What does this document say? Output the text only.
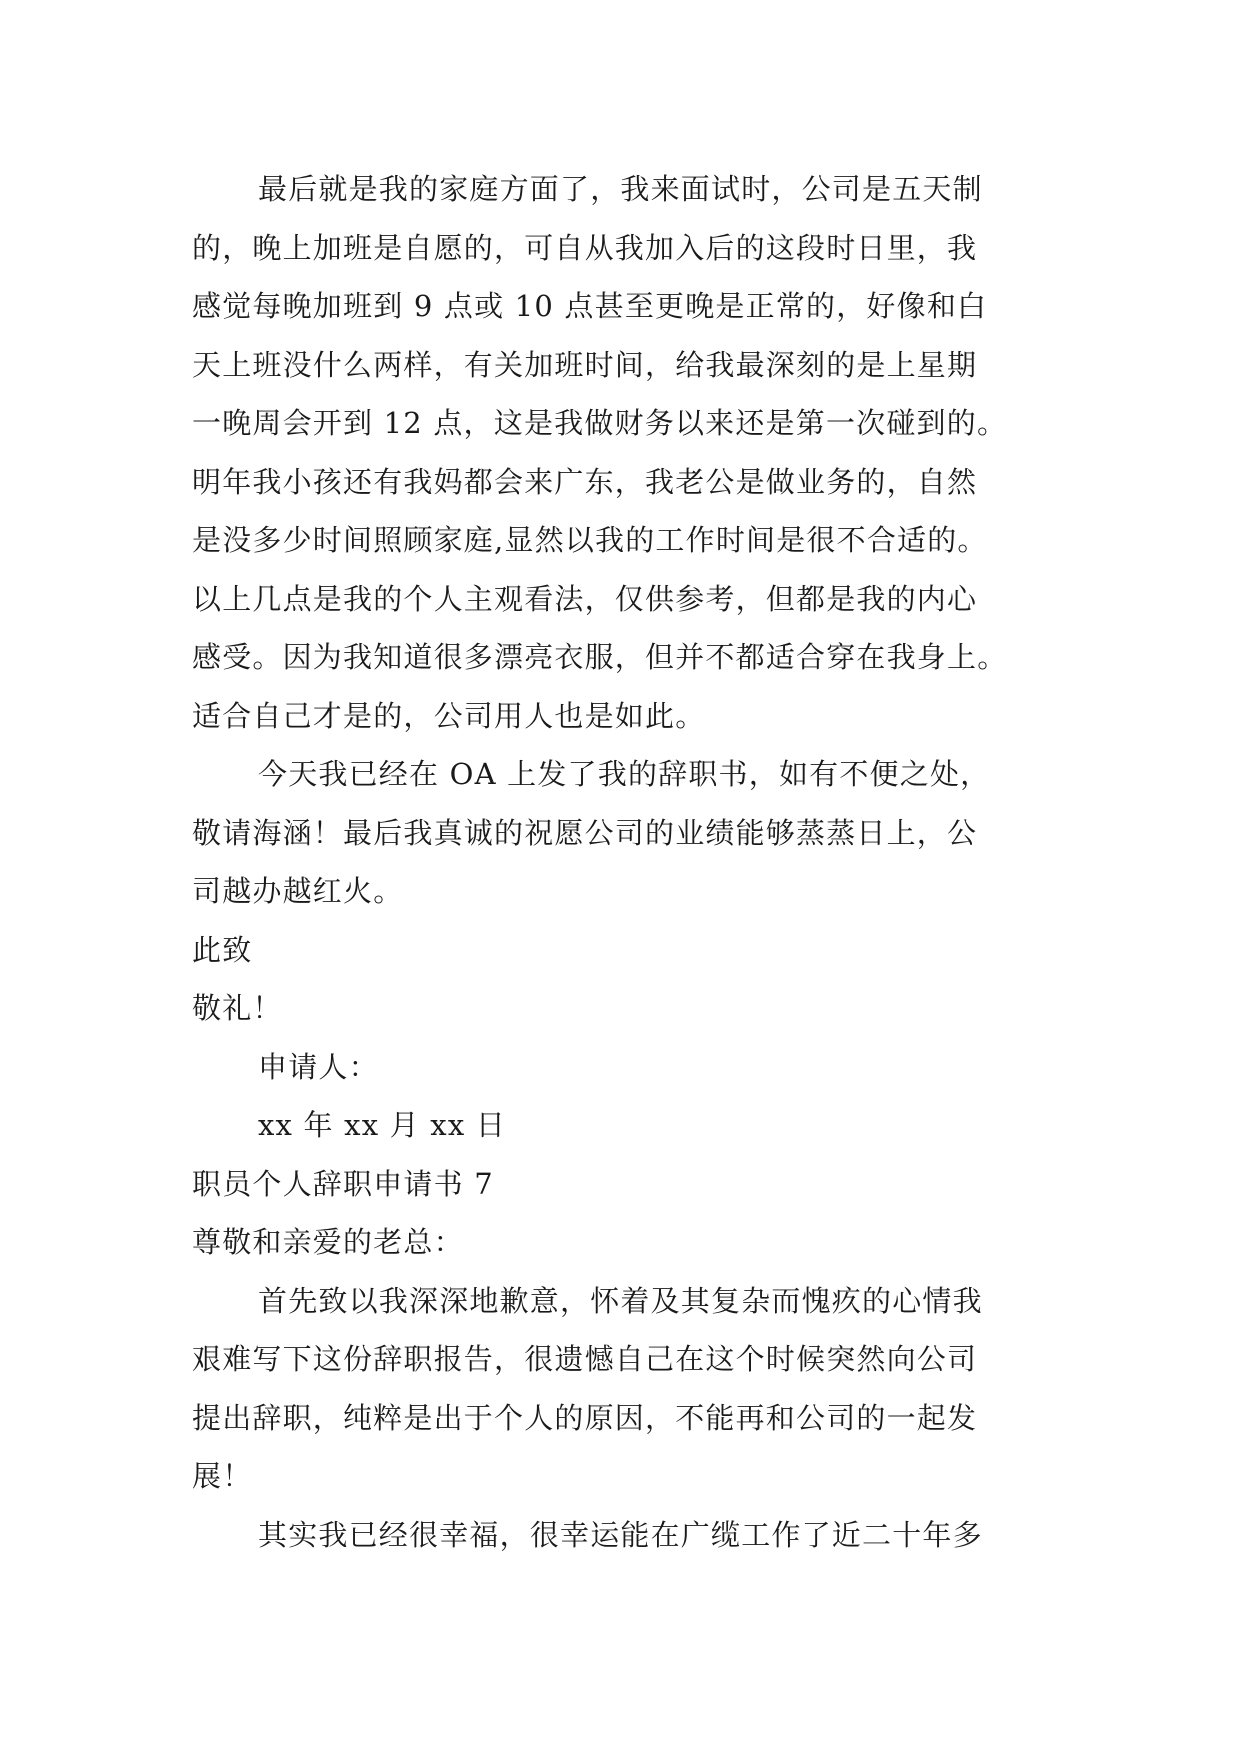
最后就是我的家庭方面了，我来面试时，公司是五天制
的，晚上加班是自愿的，可自从我加入后的这段时日里，我
感觉每晚加班到 9 点或 10 点甚至更晚是正常的，好像和白
天上班没什么两样，有关加班时间，给我最深刻的是上星期
一晚周会开到 12 点，这是我做财务以来还是第一次碰到的。
明年我小孩还有我妈都会来广东，我老公是做业务的，自然
是没多少时间照顾家庭,显然以我的工作时间是很不合适的。
以上几点是我的个人主观看法，仅供参考，但都是我的内心
感受。因为我知道很多漂亮衣服，但并不都适合穿在我身上。
适合自己才是的，公司用人也是如此。
今天我已经在 OA 上发了我的辞职书，如有不便之处，
敬请海涵！最后我真诚的祝愿公司的业绩能够蒸蒸日上，公
司越办越红火。
此致
敬礼！
申请人：
xx 年 xx 月 xx 日
职员个人辞职申请书 7
尊敬和亲爱的老总：
首先致以我深深地歉意，怀着及其复杂而愧疚的心情我
艰难写下这份辞职报告，很遗憾自己在这个时候突然向公司
提出辞职，纯粹是出于个人的原因，不能再和公司的一起发
展！
其实我已经很幸福，很幸运能在广缆工作了近二十年多
